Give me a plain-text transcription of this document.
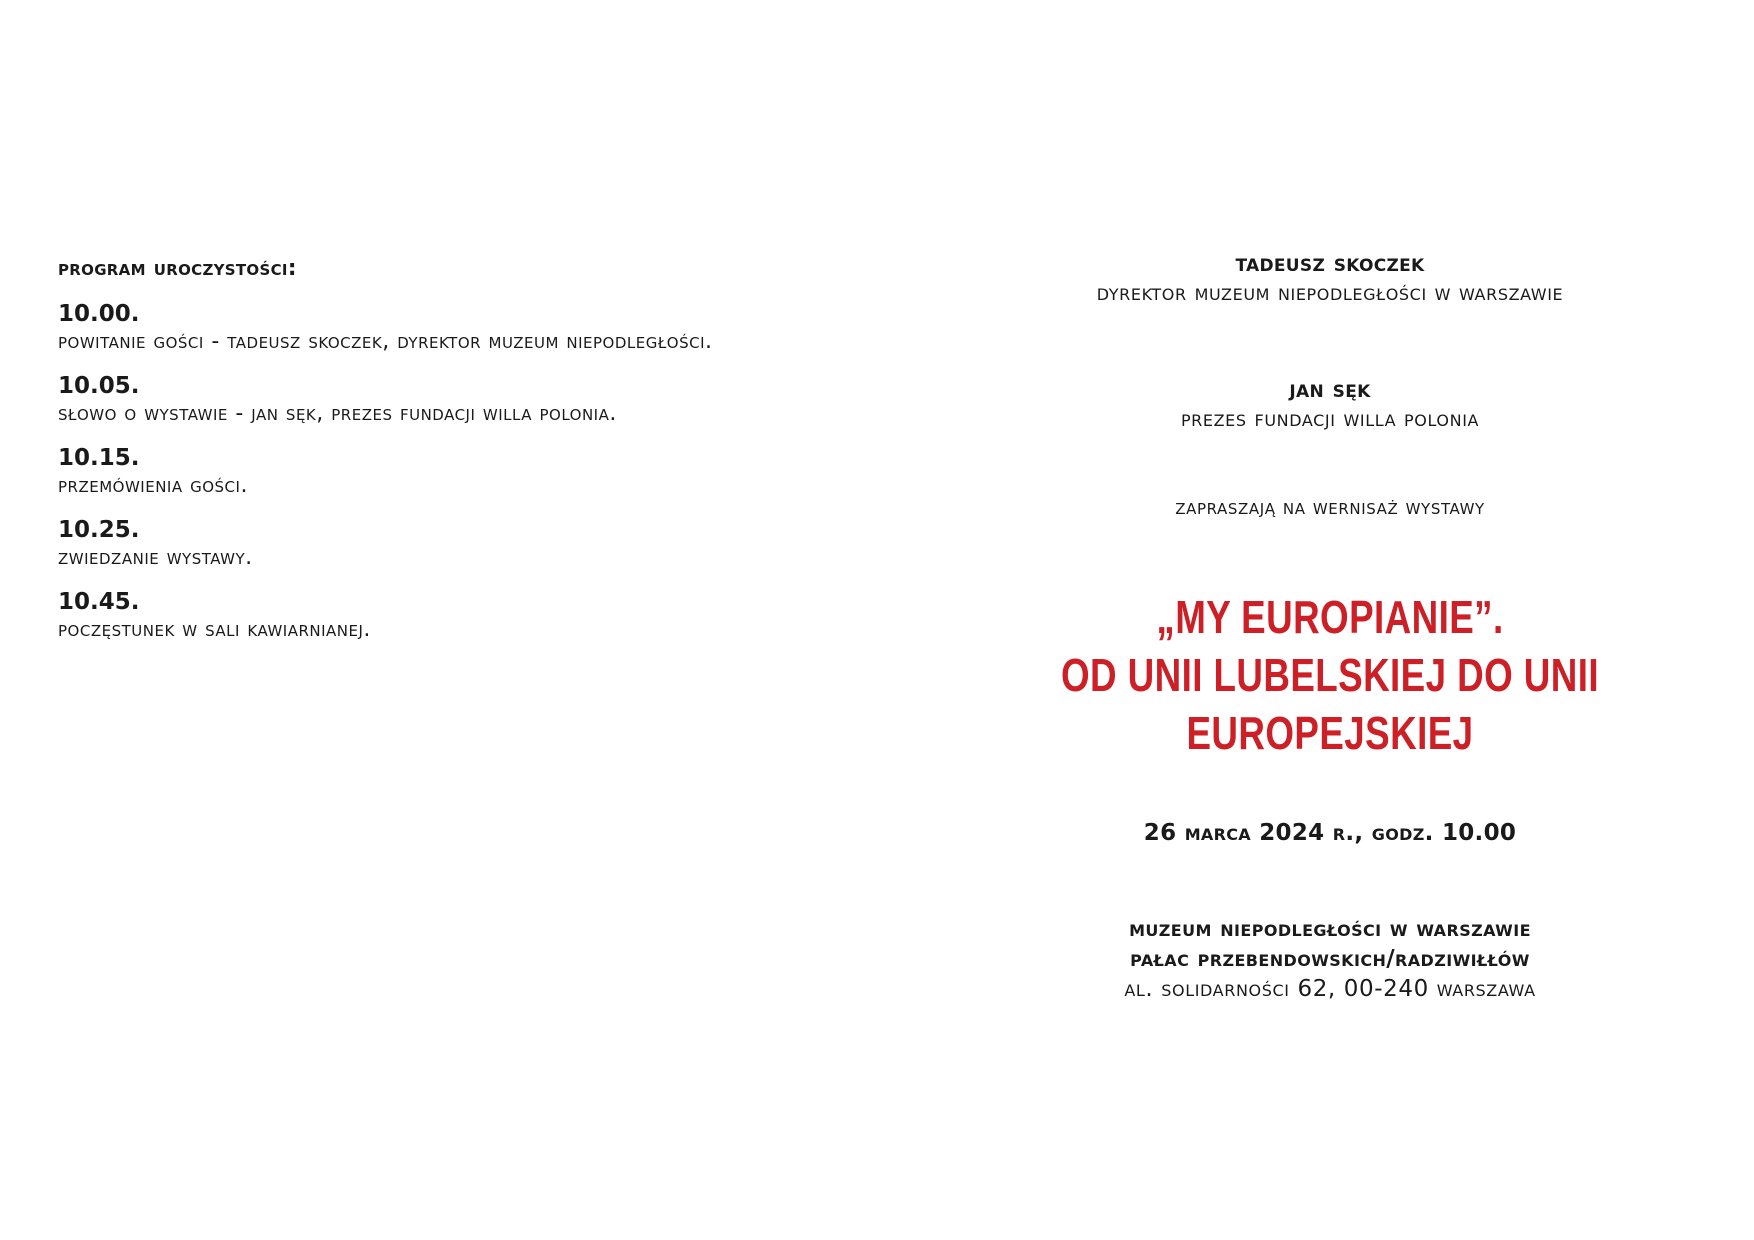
program uroczystości:
10.00.
powitanie gości - tadeusz skoczek, dyrektor muzeum niepodległości.
10.05.
słowo o wystawie - jan sęk, prezes fundacji willa polonia.
10.15.
przemówienia gości.
10.25.
zwiedzanie wystawy.
10.45.
poczęstunek w sali kawiarnianej.
tadeusz skoczek
dyrektor muzeum niepodległości w warszawie
jan sęk
prezes fundacji willa polonia
zapraszają na wernisaż wystawy
„MY EUROPIANIE”.
OD UNII LUBELSKIEJ DO UNII EUROPEJSKIEJ
26 marca 2024 r., godz. 10.00
muzeum niepodległości w warszawie
pałac przebendowskich/radziwiłłów
al. solidarności 62, 00-240 warszawa
